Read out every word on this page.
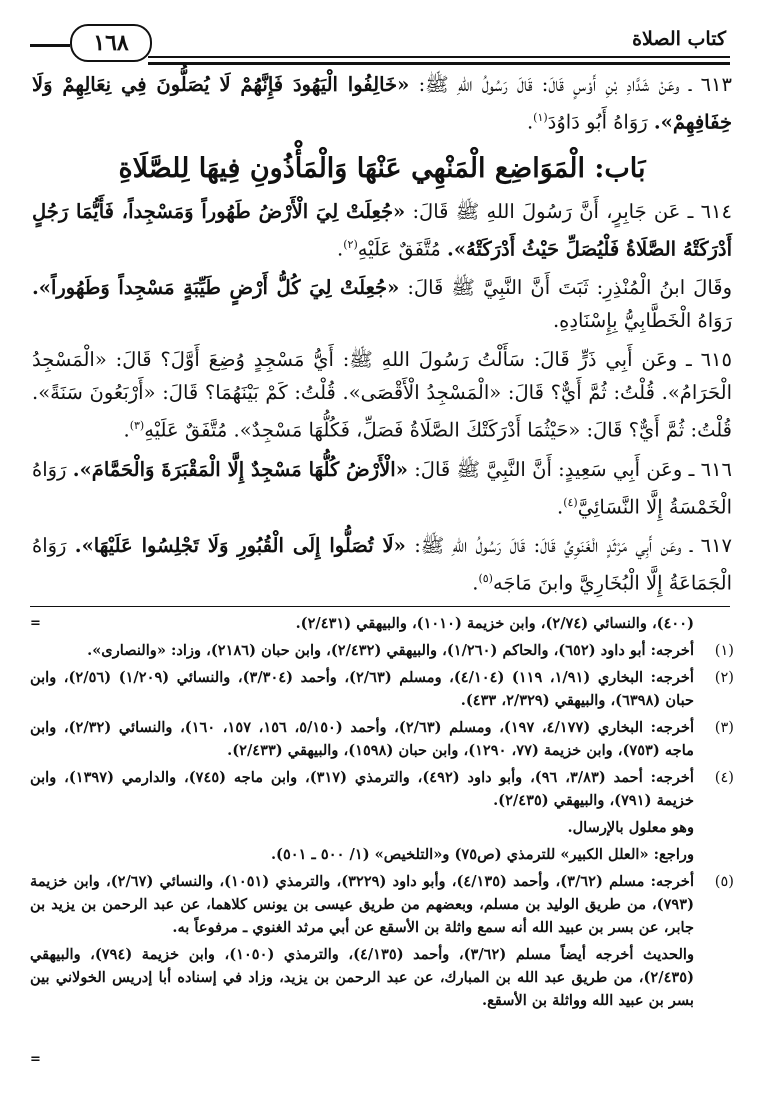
كتاب الصلاة
١٦٨

٦١٣ ـ وعَنْ شَدَّادِ بْنِ أَوْسٍ قَالَ: قَالَ رَسُولُ اللهِ ﷺ: «خَالِفُوا الْيَهُودَ فَإِنَّهُمْ لَا يُصَلُّونَ فِي نِعَالِهِمْ وَلَا خِفَافِهِمْ». رَوَاهُ أَبُو دَاوُدَ$^{(١)}$.

بَاب: الْمَوَاضِع الْمَنْهِي عَنْهَا وَالْمَأْذُونِ فِيهَا لِلصَّلَاةِ

٦١٤ ـ عَن جَابِرٍ، أَنَّ رَسُولَ اللهِ ﷺ قَالَ: «جُعِلَتْ لِيَ الْأَرْضُ طَهُوراً وَمَسْجِداً، فَأَيُّمَا رَجُلٍ أَدْرَكَتْهُ الصَّلَاةُ فَلْيُصَلِّ حَيْثُ أَدْرَكَتْهُ». مُتَّفَقٌ عَلَيْهِ$^{(٢)}$.

وقَالَ ابنُ الْمُنْذِرِ: ثَبَتَ أَنَّ النَّبِيَّ ﷺ قَالَ: «جُعِلَتْ لِيَ كُلُّ أَرْضٍ طَيِّبَةٍ مَسْجِداً وَطَهُوراً». رَوَاهُ الْخَطَّابِيُّ بِإِسْنَادِهِ.

٦١٥ ـ وعَن أَبِي ذَرٍّ قَالَ: سَأَلْتُ رَسُولَ اللهِ ﷺ: أَيُّ مَسْجِدٍ وُضِعَ أَوَّلَ؟ قَالَ: «الْمَسْجِدُ الْحَرَامُ». قُلْتُ: ثُمَّ أَيٌّ؟ قَالَ: «الْمَسْجِدُ الْأَقْصَى». قُلْتُ: كَمْ بَيْنَهُمَا؟ قَالَ: «أَرْبَعُونَ سَنَةً». قُلْتُ: ثُمَّ أَيٌّ؟ قَالَ: «حَيْثُمَا أَدْرَكَتْكَ الصَّلَاةُ فَصَلِّ، فَكُلُّهَا مَسْجِدٌ». مُتَّفَقٌ عَلَيْهِ$^{(٣)}$.

٦١٦ ـ وعَن أَبِي سَعِيدٍ: أَنَّ النَّبِيَّ ﷺ قَالَ: «الْأَرْضُ كُلُّهَا مَسْجِدٌ إِلَّا الْمَقْبَرَةَ وَالْحَمَّامَ». رَوَاهُ الْخَمْسَةُ إِلَّا النَّسَائِيَّ$^{(٤)}$.

٦١٧ ـ وعَن أَبِي مَرْثَدٍ الْغَنَوِيِّ قَالَ: قَالَ رَسُولُ اللهِ ﷺ: «لَا تُصَلُّوا إِلَى الْقُبُورِ وَلَا تَجْلِسُوا عَلَيْهَا». رَوَاهُ الْجَمَاعَةُ إِلَّا الْبُخَارِيَّ وابنَ مَاجَه$^{(٥)}$.

=	(٤٠٠)، والنسائي (٢/٧٤)، وابن خزيمة (١٠١٠)، والبيهقي (٢/٤٣١).
(١)
أخرجه: أبو داود (٦٥٢)، والحاكم (١/٢٦٠)، والبيهقي (٢/٤٣٢)، وابن حبان (٢١٨٦)، وزاد: «والنصارى».
(٢)
أخرجه: البخاري (١/٩١، ١١٩) (٤/١٠٤)، ومسلم (٢/٦٣)، وأحمد (٣/٣٠٤)، والنسائي (١/٢٠٩) (٢/٥٦)، وابن حبان (٦٣٩٨)، والبيهقي (٢/٣٢٩، ٤٣٣).
(٣)
أخرجه: البخاري (٤/١٧٧، ١٩٧)، ومسلم (٢/٦٣)، وأحمد (٥/١٥٠، ١٥٦، ١٥٧، ١٦٠)، والنسائي (٢/٣٢)، وابن ماجه (٧٥٣)، وابن خزيمة (٧٧، ١٢٩٠)، وابن حبان (١٥٩٨)، والبيهقي (٢/٤٣٣).
(٤)
أخرجه: أحمد (٣/٨٣، ٩٦)، وأبو داود (٤٩٢)، والترمذي (٣١٧)، وابن ماجه (٧٤٥)، والدارمي (١٣٩٧)، وابن خزيمة (٧٩١)، والبيهقي (٢/٤٣٥).
وهو معلول بالإرسال.
وراجع: «العلل الكبير» للترمذي (ص٧٥) و«التلخيص» (١/ ٥٠٠ ـ ٥٠١).
(٥)
أخرجه: مسلم (٣/٦٢)، وأحمد (٤/١٣٥)، وأبو داود (٣٢٢٩)، والترمذي (١٠٥١)، والنسائي (٢/٦٧)، وابن خزيمة (٧٩٣)، من طريق الوليد بن مسلم، وبعضهم من طريق عيسى بن يونس كلاهما، عن عبد الرحمن بن يزيد بن جابر، عن بسر بن عبيد الله أنه سمع واثلة بن الأسقع عن أبي مرثد الغنوي ـ مرفوعاً به.
والحديث أخرجه أيضاً مسلم (٣/٦٢)، وأحمد (٤/١٣٥)، والترمذي (١٠٥٠)، وابن خزيمة (٧٩٤)، والبيهقي (٢/٤٣٥)، من طريق عبد الله بن المبارك، عن عبد الرحمن بن يزيد، وزاد في إسناده أبا إدريس الخولاني بين بسر بن عبيد الله وواثلة بن الأسقع.
=
